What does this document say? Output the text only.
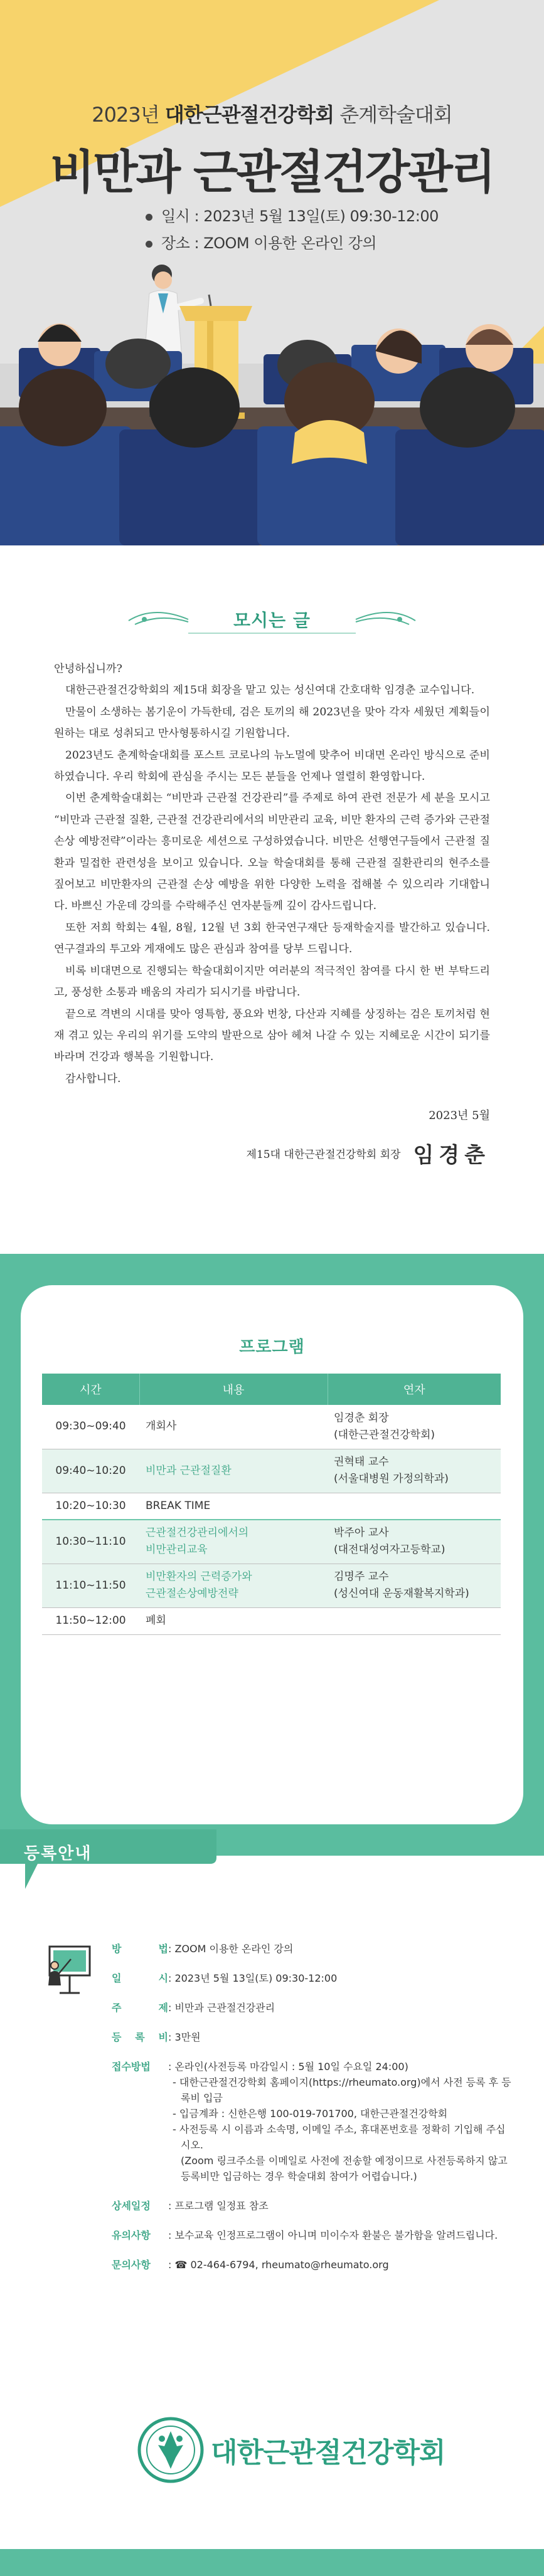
2023년 대한근관절건강학회 춘계학술대회
비만과 근관절건강관리
일시 : 2023년 5월 13일(토) 09:30-12:00
장소 : ZOOM 이용한 온라인 강의
모시는 글

안녕하십니까?

대한근관절건강학회의 제15대 회장을 맡고 있는 성신여대 간호대학 임경춘 교수입니다.

만물이 소생하는 봄기운이 가득한데, 검은 토끼의 해 2023년을 맞아 각자 세웠던 계획들이 원하는 대로 성취되고 만사형통하시길 기원합니다.

2023년도 춘계학술대회를 포스트 코로나의 뉴노멀에 맞추어 비대면 온라인 방식으로 준비하였습니다. 우리 학회에 관심을 주시는 모든 분들을 언제나 열렬히 환영합니다.

이번 춘계학술대회는 “비만과 근관절 건강관리”를 주제로 하여 관련 전문가 세 분을 모시고 “비만과 근관절 질환, 근관절 건강관리에서의 비만관리 교육, 비만 환자의 근력 증가와 근관절 손상 예방전략”이라는 흥미로운 세션으로 구성하였습니다. 비만은 선행연구들에서 근관절 질환과 밀접한 관련성을 보이고 있습니다. 오늘 학술대회를 통해 근관절 질환관리의 현주소를 짚어보고 비만환자의 근관절 손상 예방을 위한 다양한 노력을 접해볼 수 있으리라 기대합니다. 바쁘신 가운데 강의를 수락해주신 연자분들께 깊이 감사드립니다.

또한 저희 학회는 4월, 8월, 12월 년 3회 한국연구재단 등재학술지를 발간하고 있습니다. 연구결과의 투고와 게재에도 많은 관심과 참여를 당부 드립니다.

비록 비대면으로 진행되는 학술대회이지만 여러분의 적극적인 참여를 다시 한 번 부탁드리고, 풍성한 소통과 배움의 자리가 되시기를 바랍니다.

끝으로 격변의 시대를 맞아 영특함, 풍요와 번창, 다산과 지혜를 상징하는 검은 토끼처럼 현재 겪고 있는 우리의 위기를 도약의 발판으로 삼아 헤쳐 나갈 수 있는 지혜로운 시간이 되기를 바라며 건강과 행복을 기원합니다.

감사합니다.

2023년 5월
제15대 대한근관절건강학회 회장 임경춘
프로그램
시간	내용	연자
09:30~09:40	개회사	임경춘 회장
(대한근관절건강학회)
09:40~10:20	비만과 근관절질환	권혁태 교수
(서울대병원 가정의학과)
10:20~10:30	BREAK TIME	
10:30~11:10	근관절건강관리에서의
비만관리교육	박주아 교사
(대전대성여자고등학교)
11:10~11:50	비만환자의 근력증가와
근관절손상예방전략	김명주 교수
(성신여대 운동재활복지학과)
11:50~12:00	폐회	
등록안내
방 법 : ZOOM 이용한 온라인 강의
일 시 : 2023년 5월 13일(토) 09:30-12:00
주 제 : 비만과 근관절건강관리
등 록 비 : 3만원
접수방법	: 온라인(사전등록 마감일시 : 5월 10일 수요일 24:00)
- 대한근관절건강학회 홈페이지(https://rheumato.org)에서 사전 등록 후 등록비 입금
- 입금계좌 : 신한은행 100-019-701700, 대한근관절건강학회
- 사전등록 시 이름과 소속명, 이메일 주소, 휴대폰번호를 정확히 기입해 주십시오.
(Zoom 링크주소를 이메일로 사전에 전송할 예정이므로 사전등록하지 않고 등록비만 입금하는 경우 학술대회 참여가 어렵습니다.)
상세일정	: 프로그램 일정표 참조
유의사항	: 보수교육 인정프로그램이 아니며 미이수자 환불은 불가함을 알려드립니다.
문의사항	: ☎ 02-464-6794, rheumato@rheumato.org
대한근관절건강학회
